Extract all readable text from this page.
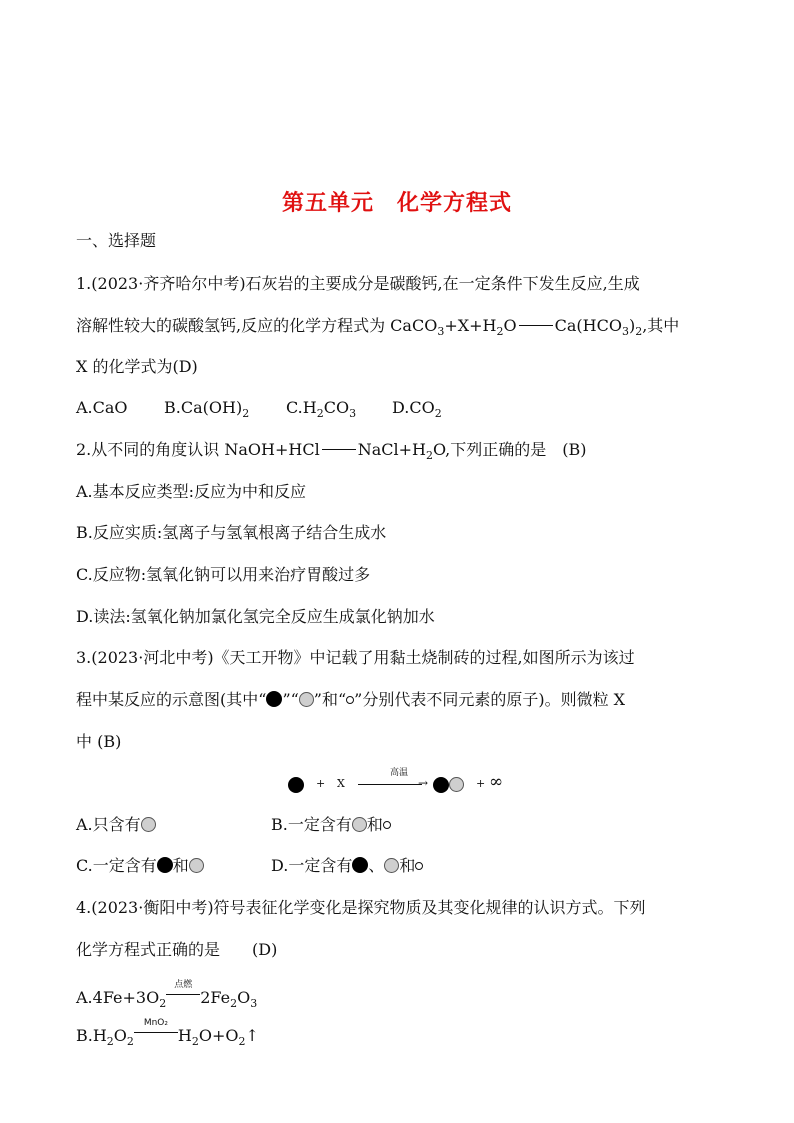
第五单元　化学方程式
一、选择题
1.(2023·齐齐哈尔中考)石灰岩的主要成分是碳酸钙,在一定条件下发生反应,生成
溶解性较大的碳酸氢钙,反应的化学方程式为 $CaCO_3+X+H_2O$ $Ca(HCO_3)_2$,其中
X 的化学式为(D)
A.CaO $B.Ca(OH)_2$ $C.H_2CO_3$ $D.CO_2$
2.从不同的角度认识 NaOH+HCl $NaCl+H_2O$,下列正确的是　(B)
A.基本反应类型:反应为中和反应
B.反应实质:氢离子与氢氧根离子结合生成水
C.反应物:氢氧化钠可以用来治疗胃酸过多
D.读法:氢氧化钠加氯化氢完全反应生成氯化钠加水
3.(2023·河北中考)《天工开物》中记载了用黏土烧制砖的过程,如图所示为该过
程中某反应的示意图(其中“ ”“ ”和“ ”分别代表不同元素的原子)。则微粒 X
中 (B)
+ X
高温
→	+ ∞
A.只含有	B.一定含有 和
C.一定含有 和	D.一定含有 、 和
4.(2023·衡阳中考)符号表征化学变化是探究物质及其变化规律的认识方式。下列
化学方程式正确的是　　(D)
$A.4Fe+3O_2$
点燃
$2Fe_2O_3$
$B.H_2O_2$
MnO₂
$H_2O+O_2↑$
